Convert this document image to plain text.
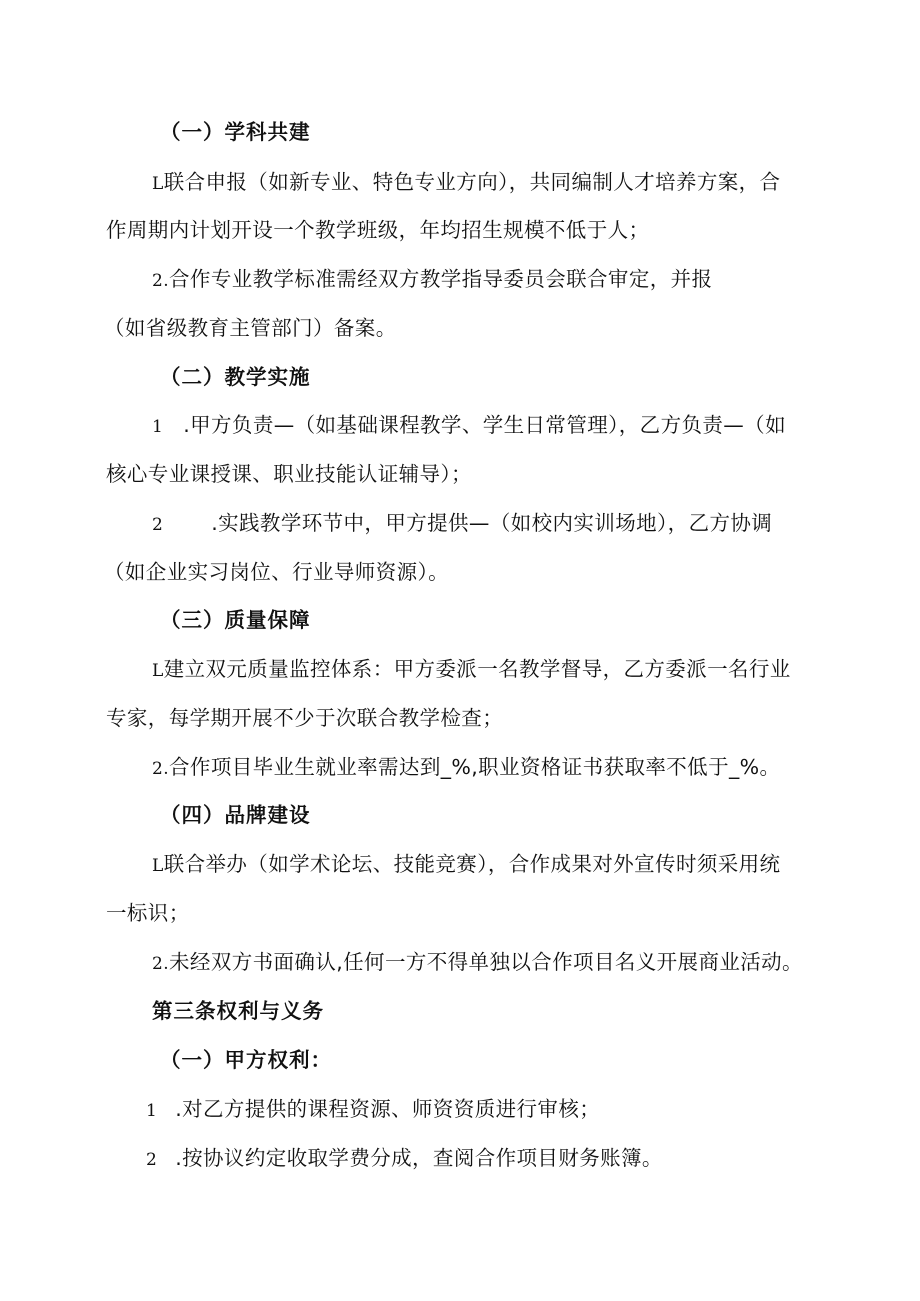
（一）学科共建
L联合申报（如新专业、特色专业方向），共同编制人才培养方案，合
作周期内计划开设一个教学班级，年均招生规模不低于人；
2.合作专业教学标准需经双方教学指导委员会联合审定，并报
（如省级教育主管部门）备案。
（二）教学实施
1 .甲方负责—（如基础课程教学、学生日常管理），乙方负责—（如
核心专业课授课、职业技能认证辅导）；
2 .实践教学环节中，甲方提供—（如校内实训场地），乙方协调
（如企业实习岗位、行业导师资源）。
（三）质量保障
L建立双元质量监控体系：甲方委派一名教学督导，乙方委派一名行业
专家，每学期开展不少于次联合教学检查；
2.合作项目毕业生就业率需达到_%,职业资格证书获取率不低于_%。
（四）品牌建设
L联合举办（如学术论坛、技能竞赛），合作成果对外宣传时须采用统
一标识；
2.未经双方书面确认,任何一方不得单独以合作项目名义开展商业活动。
第三条权利与义务
（一）甲方权利：
1 .对乙方提供的课程资源、师资资质进行审核；
2 .按协议约定收取学费分成，查阅合作项目财务账簿。
